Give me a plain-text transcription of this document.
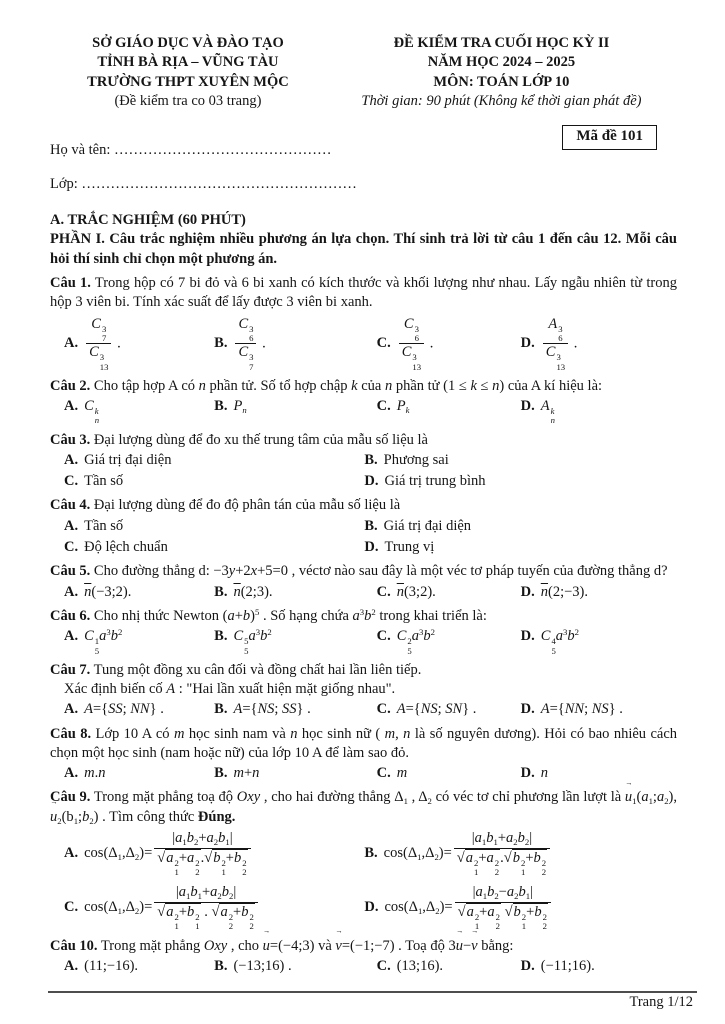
SỞ GIÁO DỤC VÀ ĐÀO TẠO
TỈNH BÀ RỊA – VŨNG TÀU
TRƯỜNG THPT XUYÊN MỘC
(Đề kiểm tra co 03 trang)
ĐỀ KIỂM TRA CUỐI HỌC KỲ II
NĂM HỌC 2024 – 2025
MÔN: TOÁN LỚP 10
Thời gian: 90 phút (Không kể thời gian phát đề)
Mã đề 101
Họ và tên: ………………………………………
Lớp: …………………………………………………
A. TRẮC NGHIỆM (60 PHÚT)
PHẦN I. Câu trắc nghiệm nhiều phương án lựa chọn. Thí sinh trả lời từ câu 1 đến câu 12. Mỗi câu hỏi thí sinh chỉ chọn một phương án.
Câu 1. Trong hộp có 7 bi đỏ và 6 bi xanh có kích thước và khối lượng như nhau. Lấy ngẫu nhiên từ trong hộp 3 viên bi. Tính xác suất để lấy được 3 viên bi xanh.
A. C 3
7
C 3
13 .	B. C 3
6
C 3
7 .	C. C 3
6
C 3
13 .	D. A 3
6
C 3
13 .
Câu 2. Cho tập hợp A có n phần tử. Số tổ hợp chập k của n phần tử (1 ≤ k ≤ n) của A kí hiệu là:
A. C k
n
B. $P_n$	C. $P_k$	D. A k
n
Câu 3. Đại lượng dùng để đo xu thế trung tâm của mẫu số liệu là
A. Giá trị đại diện	B. Phương sai
C. Tần số	D. Giá trị trung bình
Câu 4. Đại lượng dùng để đo độ phân tán của mẫu số liệu là
A. Tần số	B. Giá trị đại diện
C. Độ lệch chuẩn	D. Trung vị
Câu 5. Cho đường thẳng d: −3y+2x+5=0 , véctơ nào sau đây là một véc tơ pháp tuyến của đường thẳng d?
A. $\overline{n}(-3;2)$.	B. $\overline{n}(2;3)$.	C. $\overline{n}(3;2)$.	D. $\overline{n}(2;-3)$.
Câu 6. Cho nhị thức Newton $(a+b)^5$ . Số hạng chứa $a^3b^2$ trong khai triển là:
A. C 1
5
$a^3b^2$	B. C 5
5
$a^3b^2$	C. C 2
5
$a^3b^2$	D. C 4
5
$a^3b^2$
Câu 7. Tung một đồng xu cân đối và đồng chất hai lần liên tiếp.
Xác định biến cố A : "Hai lần xuất hiện mặt giống nhau".
A. A={SS; NN} .	B. A={NS; SS} .	C. A={NS; SN} .	D. A={NN; NS} .
Câu 8. Lớp 10 A có m học sinh nam và n học sinh nữ ( m, n là số nguyên dương). Hỏi có bao nhiêu cách chọn một học sinh (nam hoặc nữ) của lớp 10 A để làm sao đỏ.
A. m.n	B. m+n	C. m	D. n
Câu 9. Trong mặt phẳng toạ độ Oxy , cho hai đường thẳng $\Delta_1$ , $\Delta_2$ có véc tơ chỉ phương lần lượt là $u \to_1(a_1;a_2)$, $u \to_2(b_1;b_2)$ . Tìm công thức Đúng.
A. $\cos(\Delta_1,\Delta_2)= |a_1b_2+a_2b_1|$
√ a 2
1
+a 2
2
. √ b 2
1
+b 2
2	B. $\cos(\Delta_1,\Delta_2)= |a_1b_1+a_2b_2|$
√ a 2
1
+a 2
2
. √ b 2
1
+b 2
2
C. $\cos(\Delta_1,\Delta_2)= |a_1b_1+a_2b_2|$
√ a 2
1
+b 2
1
. √ a 2
2
+b 2
2	D. $\cos(\Delta_1,\Delta_2)= |a_1b_2-a_2b_1|$
√ a 2
1
+a 2
2
√ b 2
1
+b 2
2
Câu 10. Trong mặt phẳng Oxy , cho u →=(−4;3) và v →=(−1;−7) . Toạ độ 3u →−v → bằng:
A. (11;−16).	B. (−13;16) .	C. (13;16).	D. (−11;16).
Trang 1/12
